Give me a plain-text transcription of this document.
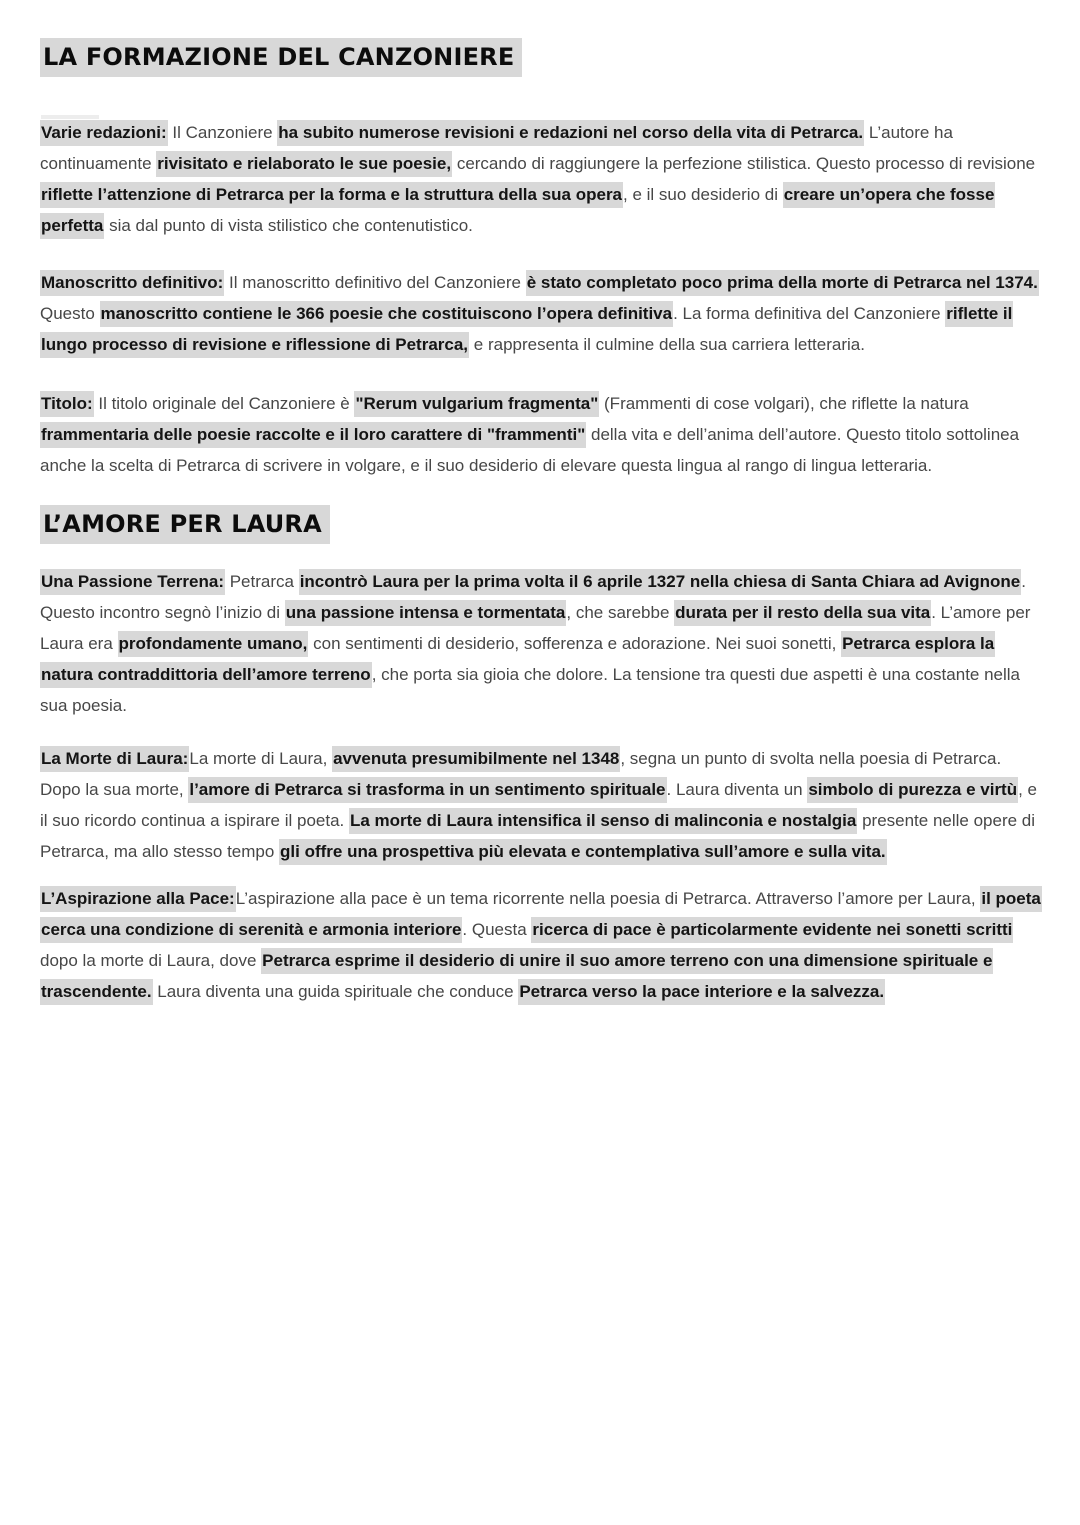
LA FORMAZIONE DEL CANZONIERE

Varie redazioni: Il Canzoniere ha subito numerose revisioni e redazioni nel corso della vita di Petrarca. L’autore ha continuamente rivisitato e rielaborato le sue poesie, cercando di raggiungere la perfezione stilistica. Questo processo di revisione riflette l’attenzione di Petrarca per la forma e la struttura della sua opera, e il suo desiderio di creare un’opera che fosse perfetta sia dal punto di vista stilistico che contenutistico.

Manoscritto definitivo: Il manoscritto definitivo del Canzoniere è stato completato poco prima della morte di Petrarca nel 1374. Questo manoscritto contiene le 366 poesie che costituiscono l’opera definitiva. La forma definitiva del Canzoniere riflette il lungo processo di revisione e riflessione di Petrarca, e rappresenta il culmine della sua carriera letteraria.

Titolo: Il titolo originale del Canzoniere è "Rerum vulgarium fragmenta" (Frammenti di cose volgari), che riflette la natura frammentaria delle poesie raccolte e il loro carattere di "frammenti" della vita e dell’anima dell’autore. Questo titolo sottolinea anche la scelta di Petrarca di scrivere in volgare, e il suo desiderio di elevare questa lingua al rango di lingua letteraria.

L’AMORE PER LAURA

Una Passione Terrena: Petrarca incontrò Laura per la prima volta il 6 aprile 1327 nella chiesa di Santa Chiara ad Avignone. Questo incontro segnò l’inizio di una passione intensa e tormentata, che sarebbe durata per il resto della sua vita. L’amore per Laura era profondamente umano, con sentimenti di desiderio, sofferenza e adorazione. Nei suoi sonetti, Petrarca esplora la natura contraddittoria dell’amore terreno, che porta sia gioia che dolore. La tensione tra questi due aspetti è una costante nella sua poesia.

La Morte di Laura:La morte di Laura, avvenuta presumibilmente nel 1348, segna un punto di svolta nella poesia di Petrarca. Dopo la sua morte, l’amore di Petrarca si trasforma in un sentimento spirituale. Laura diventa un simbolo di purezza e virtù, e il suo ricordo continua a ispirare il poeta. La morte di Laura intensifica il senso di malinconia e nostalgia presente nelle opere di Petrarca, ma allo stesso tempo gli offre una prospettiva più elevata e contemplativa sull’amore e sulla vita.

L’Aspirazione alla Pace:L’aspirazione alla pace è un tema ricorrente nella poesia di Petrarca. Attraverso l’amore per Laura, il poeta cerca una condizione di serenità e armonia interiore. Questa ricerca di pace è particolarmente evidente nei sonetti scritti dopo la morte di Laura, dove Petrarca esprime il desiderio di unire il suo amore terreno con una dimensione spirituale e trascendente. Laura diventa una guida spirituale che conduce Petrarca verso la pace interiore e la salvezza.
